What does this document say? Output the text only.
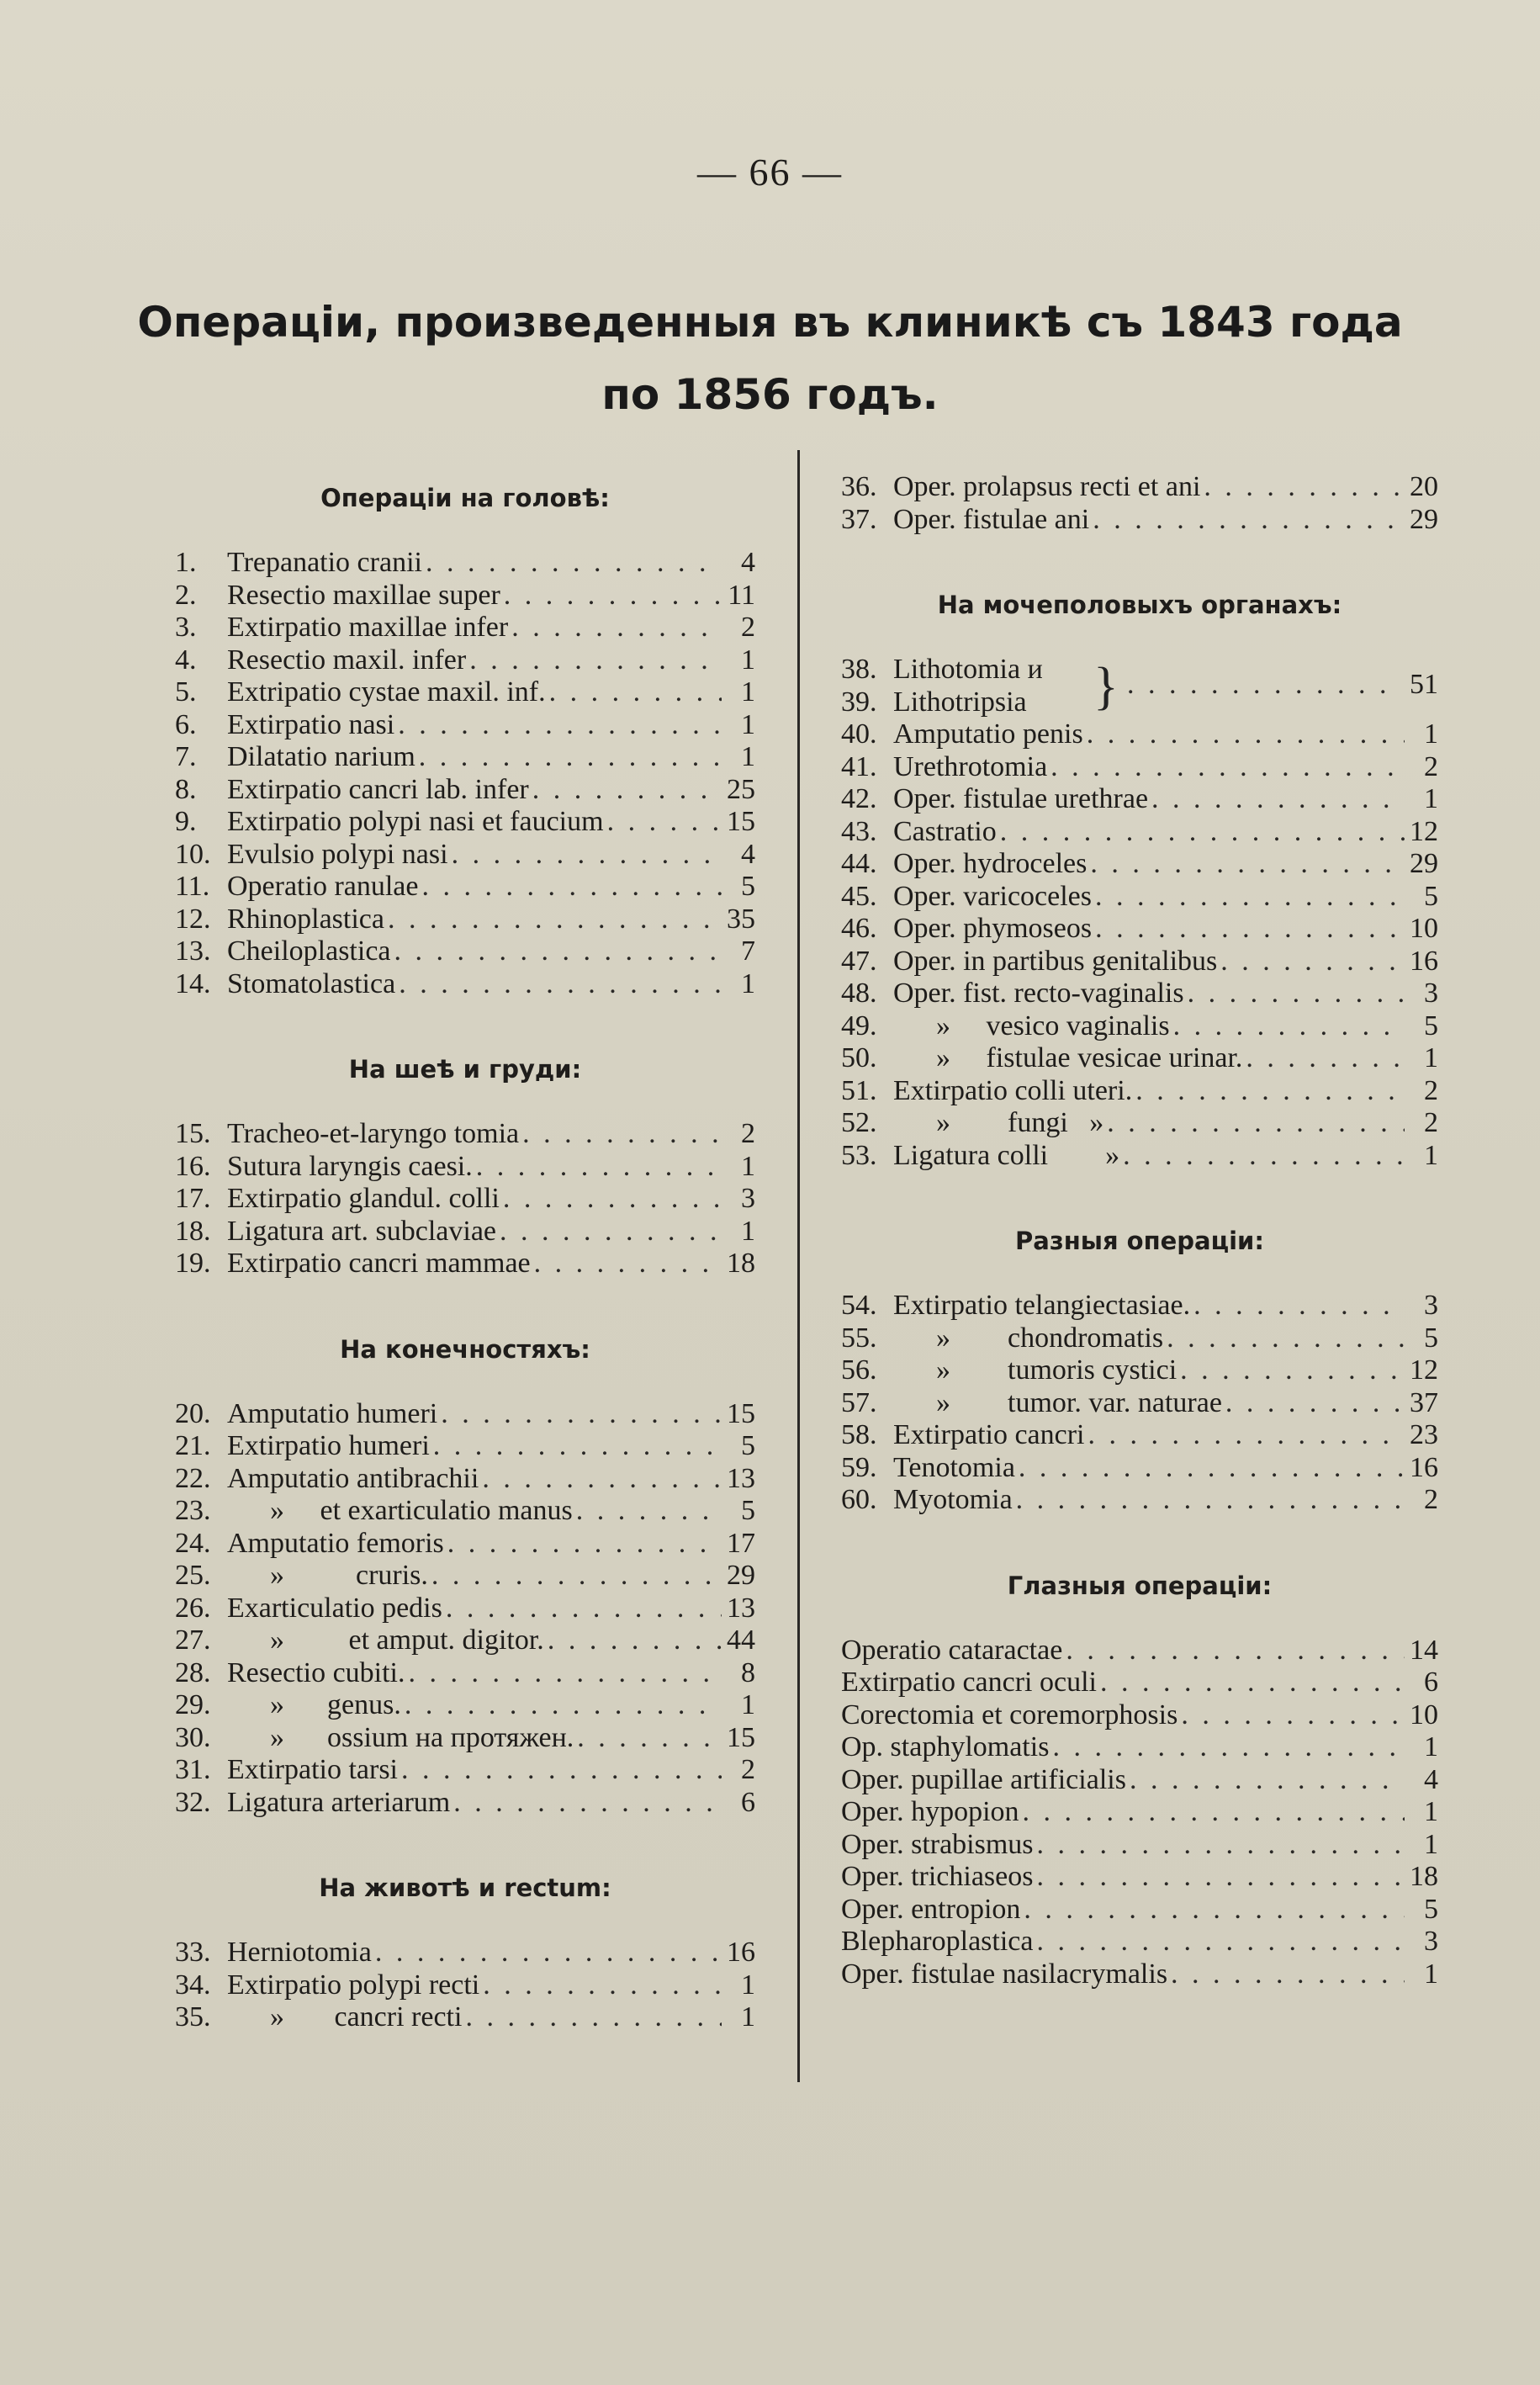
— 66 —
Операціи, произведенныя въ клиникѣ съ 1843 года
по 1856 годъ.
Операціи на головѣ:
1.	Trepanatio cranii . . .	4
2.	Resectio maxillae super . . .	11
3.	Extirpatio maxillae infer . . .	2
4.	Resectio maxil. infer . . .	1
5.	Extripatio cystae maxil. inf. . . .	1
6.	Extirpatio nasi . . .	1
7.	Dilatatio narium . . .	1
8.	Extirpatio cancri lab. infer . . .	25
9.	Extirpatio polypi nasi et faucium . . .	15
10. Evulsio polypi nasi . . .	4
11. Operatio ranulae . . .	5
12. Rhinoplastica . . .	35
13. Cheiloplastica . . .	7
14. Stomatolastica . . .	1
На шеѣ и груди:
15. Tracheo-et-laryngo tomia . . .	2
16. Sutura laryngis caesi. . . .	1
17. Extirpatio glandul. colli . . .	3
18. Ligatura art. subclaviae . . .	1
19. Extirpatio cancri mammae . . .	18
На конечностяхъ:
20. Amputatio humeri . . .	15
21. Extirpatio humeri . . .	5
22. Amputatio antibrachii . . .	13
23. »     et exarticulatio manus . . .	5
24. Amputatio femoris . . .	17
25. »          cruris. . . .	29
26. Exarticulatio pedis . . .	13
27. »         et amput. digitor. . . .	44
28. Resectio cubiti. . . .	8
29. »      genus. . . .	1
30. »      ossium на протяжен. . . .	15
31. Extirpatio tarsi . . .	2
32. Ligatura arteriarum . . .	6
На животѣ и rectum:
33. Herniotomia . . .	16
34. Extirpatio polypi recti . . .	1
35. »       cancri recti . . .	1
36. Oper. prolapsus recti et ani . . .	20
37. Oper. fistulae ani . . .	29
На мочеполовыхъ органахъ:
38. Lithotomia и
39. Lithotripsia } . . .	51
40. Amputatio penis . . .	1
41. Urethrotomia . . .	2
42. Oper. fistulae urethrae . . .	1
43. Castratio . . .	12
44. Oper. hydroceles . . .	29
45. Oper. varicoceles . . .	5
46. Oper. phymoseos . . .	10
47. Oper. in partibus genitalibus . . .	16
48. Oper. fist. recto-vaginalis . . .	3
49. »     vesico vaginalis . . .	5
50. »     fistulae vesicae urinar. . . .	1
51. Extirpatio colli uteri. . . .	2
52. »        fungi   » . . .	2
53. Ligatura colli        » . . .	1
Разныя операціи:
54. Extirpatio telangiectasiae. . . .	3
55. »        chondromatis . . .	5
56. »        tumoris cystici . . .	12
57. »        tumor. var. naturae . . .	37
58. Extirpatio cancri . . .	23
59. Tenotomia . . .	16
60. Myotomia . . .	2
Глазныя операціи:
Operatio cataractae . . .	14
Extirpatio cancri oculi . . .	6
Corectomia et coremorphosis . . .	10
Op. staphylomatis . . .	1
Oper. pupillae artificialis . . .	4
Oper. hypopion . . .	1
Oper. strabismus . . .	1
Oper. trichiaseos . . .	18
Oper. entropion . . .	5
Blepharoplastica . . .	3
Oper. fistulae nasilacrymalis . . .	1
